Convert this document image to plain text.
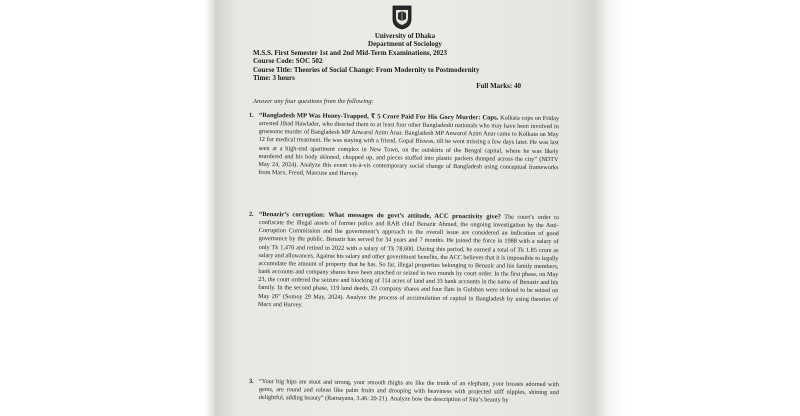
University of Dhaka
Department of Sociology
M.S.S. First Semester 1st and 2nd Mid-Term Examinations, 2023
Course Code: SOC 502
Course Title: Theories of Social Change: From Modernity to Postmodernity
Time: 3 hours
Full Marks: 40
Answer any four questions from the following:
1. “Bangladesh MP Was Honey-Trapped, ₹ 5 Crore Paid For His Gory Murder: Cops. Kolkata cops on Friday arrested Jihad Hawlader, who directed them to at least four other Bangladeshi nationals who may have been involved in gruesome murder of Bangladesh MP Anwarul Azim Anar. Bangladesh MP Anwarul Azim Anar came to Kolkata on May 12 for medical treatment. He was staying with a friend, Gopal Biswas, till he went missing a few days later. He was last seen at a high-end apartment complex in New Town, on the outskirts of the Bengal capital, where he was likely murdered and his body skinned, chopped up, and pieces stuffed into plastic packets dumped across the city” (NDTV May 24, 2024). Analyze this event vis-à-vis contemporary social change of Bangladesh using conceptual frameworks from Marx, Freud, Marcuse and Harvey.
2. “Benazir’s corruption: What messages do govt’s attitude, ACC proactivity give? The court’s order to confiscate the illegal assets of former police and RAB chief Benazir Ahmed, the ongoing investigation by the Anti-Corruption Commission and the government’s approach to the overall issue are considered an indication of good governance by the public. Benazir has served for 34 years and 7 months. He joined the force in 1988 with a salary of only Tk 1,470 and retired in 2022 with a salary of Tk 78,600. During this period, he earned a total of Tk 1.85 crore as salary and allowances. Against his salary and other government benefits, the ACC believes that it is impossible to legally accumulate the amount of property that he has. So far, illegal properties belonging to Benazir and his family members, bank accounts and company shares have been attached or seized in two rounds by court order. In the first phase, on May 23, the court ordered the seizure and blocking of 114 acres of land and 33 bank accounts in the name of Benazir and his family. In the second phase, 119 land deeds, 23 company shares and four flats in Gulshan were ordered to be seized on May 26” (Somoy 29 May, 2024). Analyze the process of accumulation of capital in Bangladesh by using theories of Marx and Harvey.
3. “Your big hips are stout and strong, your smooth thighs are like the trunk of an elephant, your breasts adorned with gems, are round and robust like palm fruits and drooping with heaviness with projected stiff nipples, shining and delightful, adding beauty” (Ramayana, 3.46: 20-21). Analyze how the description of Sita’s beauty by
